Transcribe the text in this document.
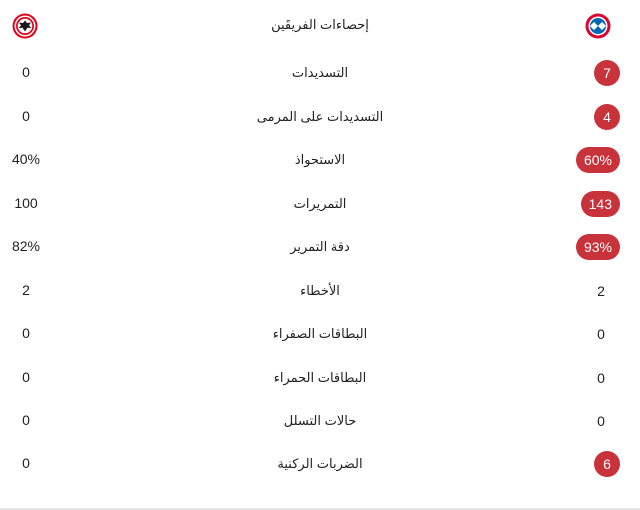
إحصاءات الفريقَين
0	التسديدات	7
0	التسديدات على المرمى	4
40%	الاستحواذ	60%
100	التمريرات	143
82%	دقة التمرير	93%
2	الأخطاء	2
0	البطاقات الصفراء	0
0	البطاقات الحمراء	0
0	حالات التسلل	0
0	الضربات الركنية	6
